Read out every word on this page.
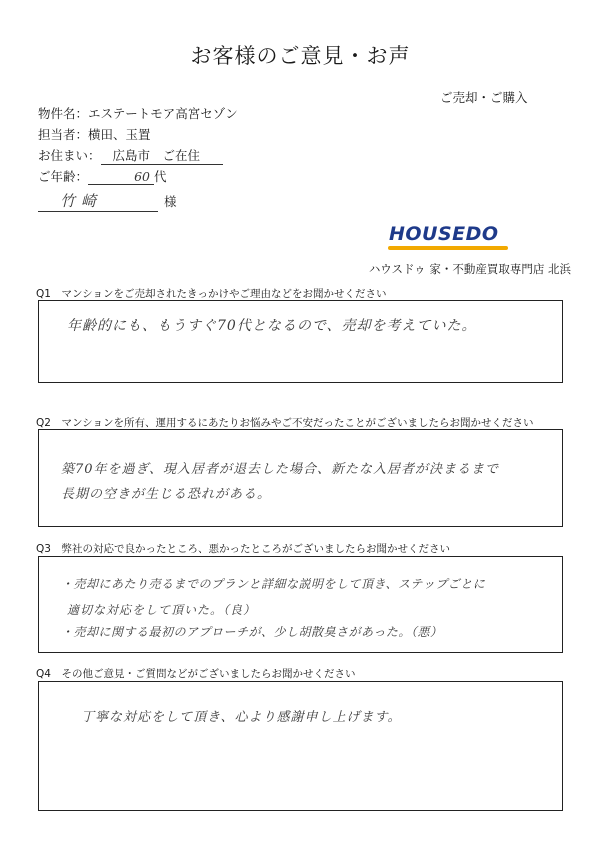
お客様のご意見・お声
ご売却・ご購入
物件名：エステートモア高宮セゾン
担当者：横田、玉置
お住まい： 広島市　ご在住
ご年齢：	60 代
竹崎	様
HOUSEDO
ハウスドゥ 家・不動産買取専門店 北浜
Q1　マンションをご売却されたきっかけやご理由などをお聞かせください
年齢的にも、もうすぐ70代となるので、売却を考えていた。
Q2　マンションを所有、運用するにあたりお悩みやご不安だったことがございましたらお聞かせください
築70年を過ぎ、現入居者が退去した場合、新たな入居者が決まるまで
長期の空きが生じる恐れがある。
Q3　弊社の対応で良かったところ、悪かったところがございましたらお聞かせください
・売却にあたり売るまでのプランと詳細な説明をして頂き、ステップごとに
適切な対応をして頂いた。（良）
・売却に関する最初のアプローチが、少し胡散臭さがあった。（悪）
Q4　その他ご意見・ご質問などがございましたらお聞かせください
丁寧な対応をして頂き、心より感謝申し上げます。
